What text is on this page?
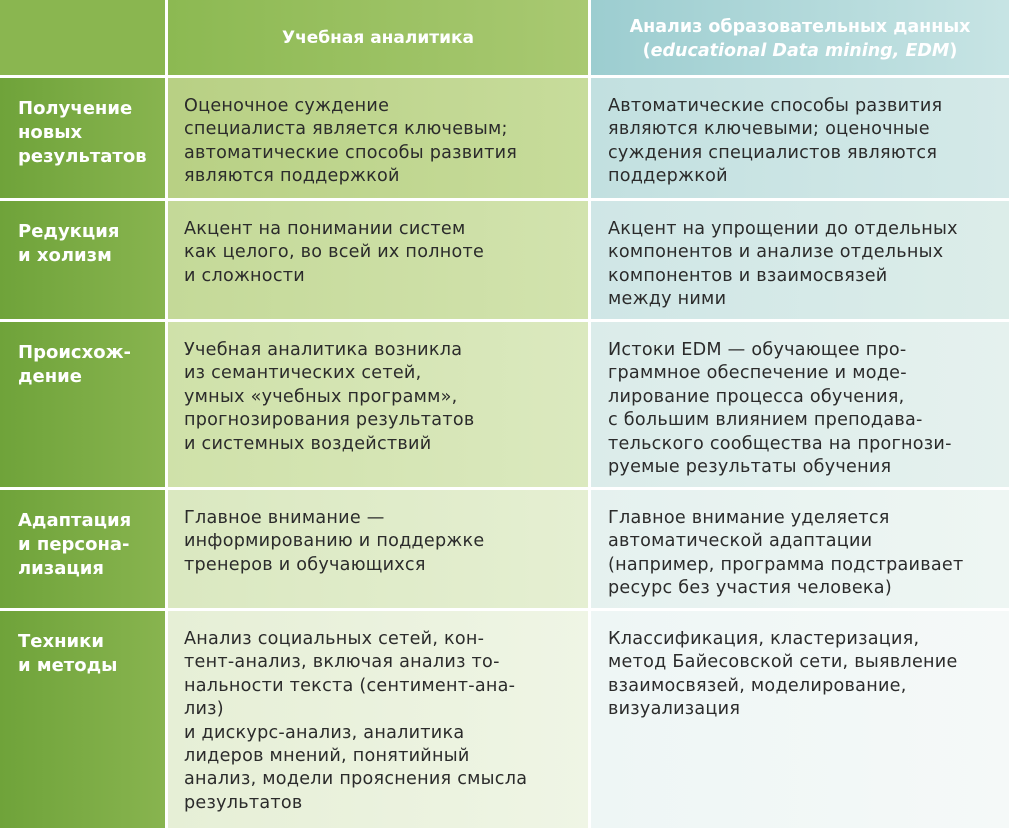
Учебная аналитика
Анализ образовательных данных
(educational Data mining, EDM)
Получение
новых
результатов
Оценочное суждение
специалиста является ключевым;
автоматические способы развития
являются поддержкой
Автоматические способы развития
являются ключевыми; оценочные
суждения специалистов являются
поддержкой
Редукция
и холизм
Акцент на понимании систем
как целого, во всей их полноте
и сложности
Акцент на упрощении до отдельных
компонентов и анализе отдельных
компонентов и взаимосвязей
между ними
Происхож-
дение
Учебная аналитика возникла
из семантических сетей,
умных «учебных программ»,
прогнозирования результатов
и системных воздействий
Истоки EDM — обучающее про-
граммное обеспечение и моде-
лирование процесса обучения,
с большим влиянием преподава-
тельского сообщества на прогнози-
руемые результаты обучения
Адаптация
и персона-
лизация
Главное внимание —
информированию и поддержке
тренеров и обучающихся
Главное внимание уделяется
автоматической адаптации
(например, программа подстраивает
ресурс без участия человека)
Техники
и методы
Анализ социальных сетей, кон-
тент-анализ, включая анализ то-
нальности текста (сентимент-ана-
лиз)
и дискурс-анализ, аналитика
лидеров мнений, понятийный
анализ, модели прояснения смысла
результатов
Классификация, кластеризация,
метод Байесовской сети, выявление
взаимосвязей, моделирование,
визуализация
